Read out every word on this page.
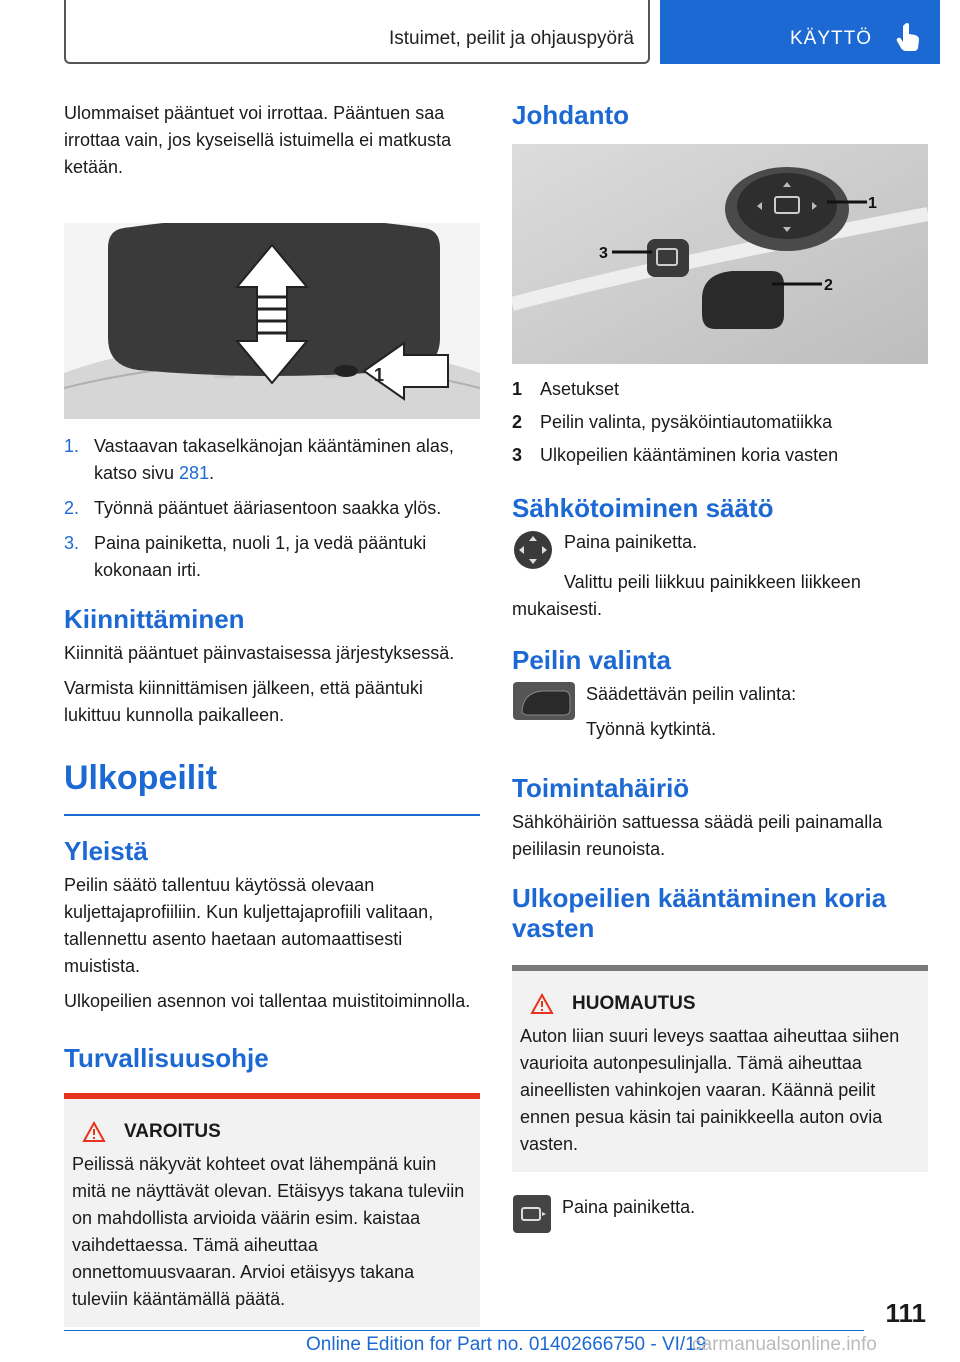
Istuimet, peilit ja ohjauspyörä	KÄYTTÖ

Ulommaiset pääntuet voi irrottaa. Pääntuen saa irrottaa vain, jos kyseisellä istuimella ei matkusta ketään.

1
1. Vastaavan takaselkänojan kääntäminen alas, katso sivu 281.
2. Työnnä pääntuet ääriasentoon saakka ylös.
3. Paina painiketta, nuoli 1, ja vedä pääntuki kokonaan irti.
Kiinnittäminen

Kiinnitä pääntuet päinvastaisessa järjestyksessä.

Varmista kiinnittämisen jälkeen, että pääntuki lukittuu kunnolla paikalleen.

Ulkopeilit
Yleistä

Peilin säätö tallentuu käytössä olevaan kuljettajaprofiiliin. Kun kuljettajaprofiili valitaan, tallennettu asento haetaan automaattisesti muistista.

Ulkopeilien asennon voi tallentaa muistitoiminnolla.

Turvallisuusohje
VAROITUS
Peilissä näkyvät kohteet ovat lähempänä kuin mitä ne näyttävät olevan. Etäisyys takana tuleviin on mahdollista arvioida väärin esim. kaistaa vaihdettaessa. Tämä aiheuttaa onnettomuusvaaran. Arvioi etäisyys takana tuleviin kääntämällä päätä.
Johdanto
1
2
3
1 Asetukset
2 Peilin valinta, pysäköintiautomatiikka
3 Ulkopeilien kääntäminen koria vasten
Sähkötoiminen säätö

Paina painiketta.

Valittu peili liikkuu painikkeen liikkeen mukaisesti.

Peilin valinta

Säädettävän peilin valinta:

Työnnä kytkintä.

Toimintahäiriö

Sähköhäiriön sattuessa säädä peili painamalla peililasin reunoista.

Ulkopeilien kääntäminen koria vasten
HUOMAUTUS
Auton liian suuri leveys saattaa aiheuttaa siihen vaurioita autonpesulinjalla. Tämä aiheuttaa aineellisten vahinkojen vaaran. Käännä peilit ennen pesua käsin tai painikkeella auton ovia vasten.

Paina painiketta.

111
Online Edition for Part no. 01402666750 - VI/19
carmanualsonline.info
